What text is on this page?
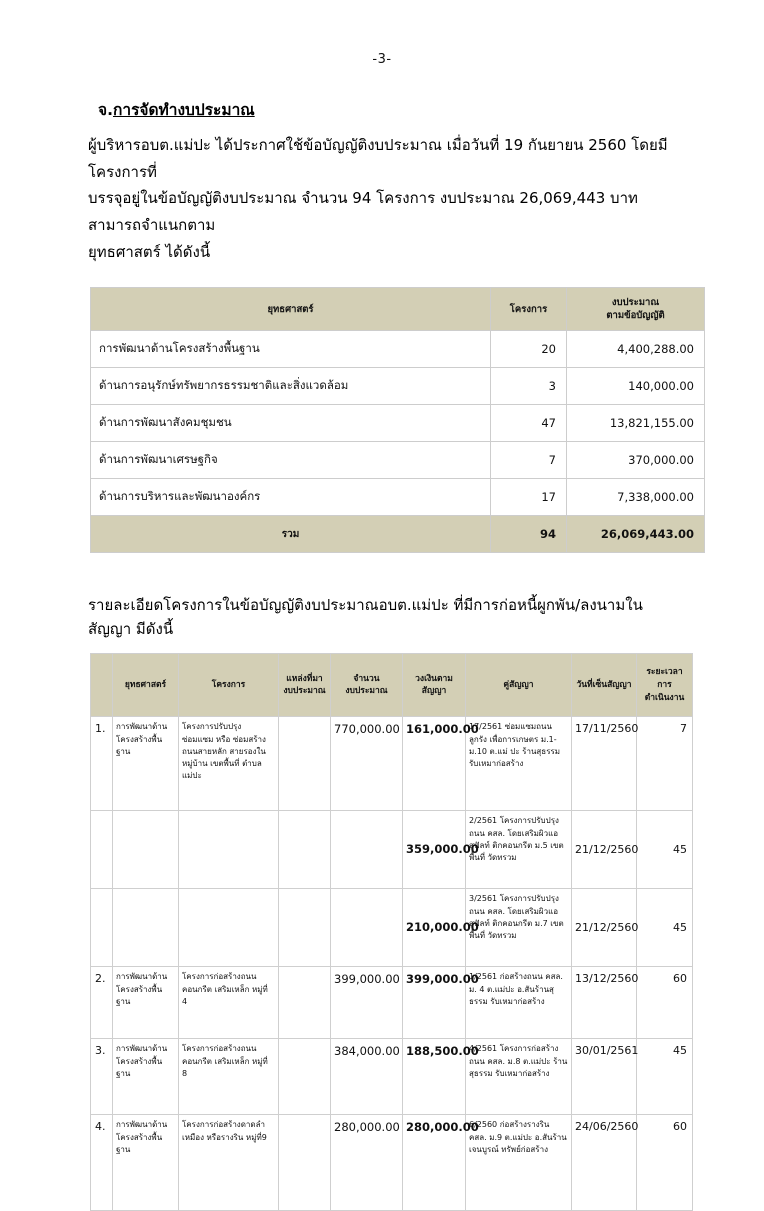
-3-
จ.การจัดทำงบประมาณ
ผู้บริหารอบต.แม่ปะ ได้ประกาศใช้ข้อบัญญัติงบประมาณ เมื่อวันที่ 19 กันยายน 2560 โดยมีโครงการที่
บรรจุอยู่ในข้อบัญญัติงบประมาณ จำนวน 94 โครงการ งบประมาณ 26,069,443 บาท สามารถจำแนกตาม
ยุทธศาสตร์ ได้ดังนี้
ยุทธศาสตร์	โครงการ	งบประมาณ
ตามข้อบัญญัติ

การพัฒนาด้านโครงสร้างพื้นฐาน	20	4,400,288.00
ด้านการอนุรักษ์ทรัพยากรธรรมชาติและสิ่งแวดล้อม	3	140,000.00
ด้านการพัฒนาสังคมชุมชน	47	13,821,155.00
ด้านการพัฒนาเศรษฐกิจ	7	370,000.00
ด้านการบริหารและพัฒนาองค์กร	17	7,338,000.00
รวม	94	26,069,443.00
รายละเอียดโครงการในข้อบัญญัติงบประมาณอบต.แม่ปะ ที่มีการก่อหนี้ผูกพัน/ลงนามในสัญญา มีดังนี้
	ยุทธศาสตร์	โครงการ	แหล่งที่มา
งบประมาณ	จำนวน
งบประมาณ	วงเงินตาม
สัญญา	คู่สัญญา	วันที่เซ็นสัญญา	ระยะเวลา
การ
ดำเนินงาน

1.	การพัฒนาด้าน โครงสร้างพื้นฐาน	โครงการปรับปรุง ซ่อมแซม หรือ ซ่อมสร้างถนนสายหลัก สายรองในหมู่บ้าน เขตพื้นที่ ตำบลแม่ปะ		770,000.00	161,000.00	17/2561 ซ่อมแซมถนนลูกรัง เพื่อการเกษตร ม.1-ม.10 ต.แม่ ปะ ร้านสุธรรมรับเหมาก่อสร้าง	17/11/2560	7
					359,000.00	2/2561 โครงการปรับปรุง ถนน คสล. โดยเสริมผิวแอสฟัลท์ ติกคอนกรีต ม.5 เขตพื้นที่ วัดทรวม	21/12/2560	45
					210,000.00	3/2561 โครงการปรับปรุง ถนน คสล. โดยเสริมผิวแอสฟัลท์ ติกคอนกรีต ม.7 เขตพื้นที่ วัดทรวม	21/12/2560	45
2.	การพัฒนาด้าน โครงสร้างพื้นฐาน	โครงการก่อสร้างถนนคอนกรีต เสริมเหล็ก หมู่ที่ 4		399,000.00	399,000.00	1/2561 ก่อสร้างถนน คสล. ม. 4 ต.แม่ปะ อ.สันร้านสุธรรม รับเหมาก่อสร้าง	13/12/2560	60
3.	การพัฒนาด้าน โครงสร้างพื้นฐาน	โครงการก่อสร้างถนนคอนกรีต เสริมเหล็ก หมู่ที่ 8		384,000.00	188,500.00	4/2561 โครงการก่อสร้างถนน คสล. ม.8 ต.แม่ปะ ร้านสุธรรม รับเหมาก่อสร้าง	30/01/2561	45
4.	การพัฒนาด้าน โครงสร้างพื้นฐาน	โครงการก่อสร้างดาดลำเหมือง หรือรางริน หมู่ที่9		280,000.00	280,000.00	6/2560 ก่อสร้างรางริน คสล. ม.9 ต.แม่ปะ อ.สันร้านเจนบูรณ์ ทรัพย์ก่อสร้าง	24/06/2560	60
